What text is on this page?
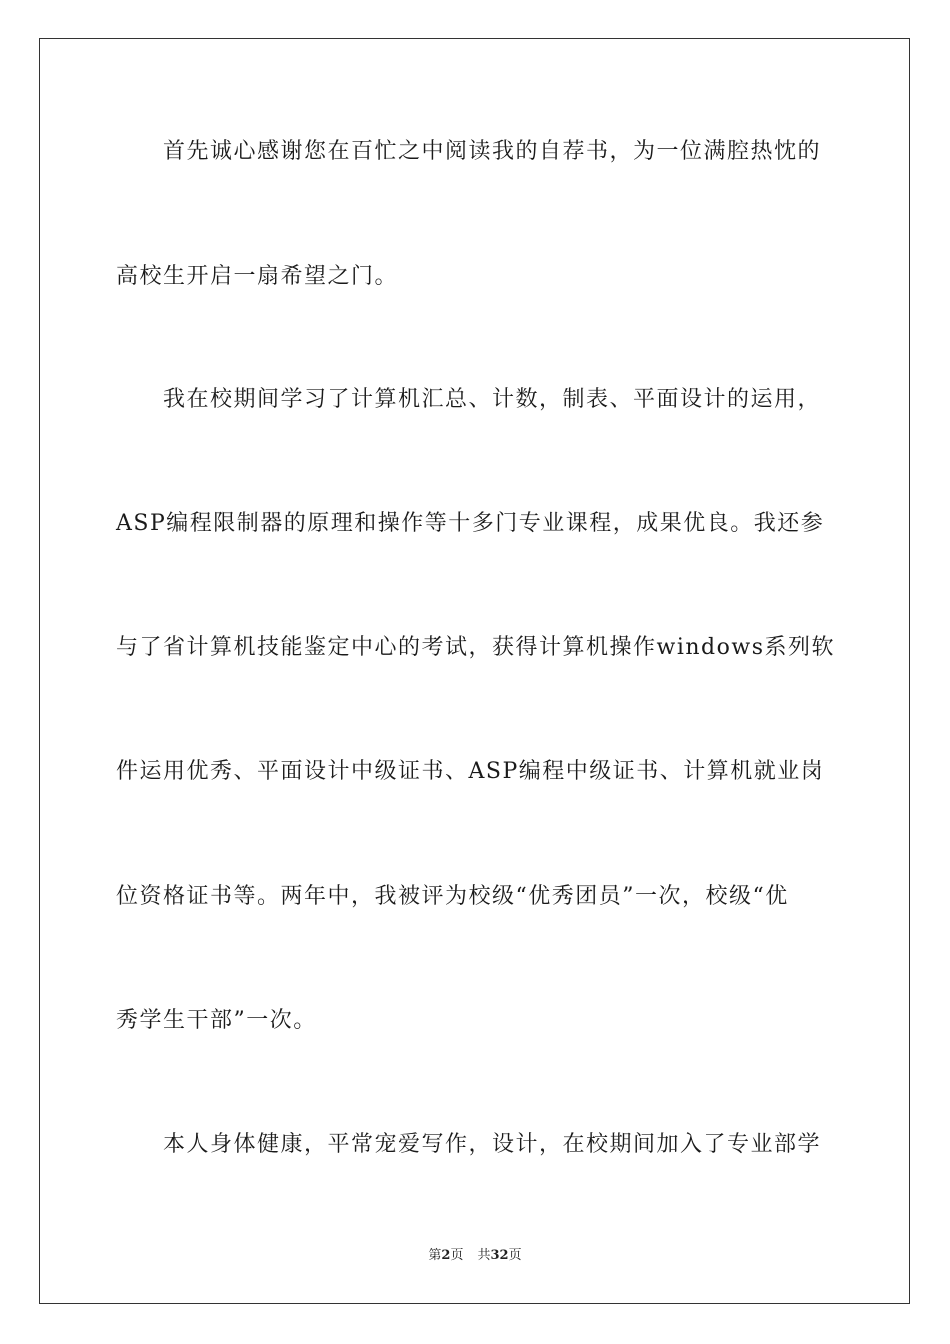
首先诚心感谢您在百忙之中阅读我的自荐书，为一位满腔热忱的
高校生开启一扇希望之门。
我在校期间学习了计算机汇总、计数，制表、平面设计的运用，
ASP编程限制器的原理和操作等十多门专业课程，成果优良。我还参
与了省计算机技能鉴定中心的考试，获得计算机操作windows系列软
件运用优秀、平面设计中级证书、ASP编程中级证书、计算机就业岗
位资格证书等。两年中，我被评为校级“优秀团员”一次，校级“优
秀学生干部”一次。
本人身体健康，平常宠爱写作，设计，在校期间加入了专业部学
第2页 共32页
